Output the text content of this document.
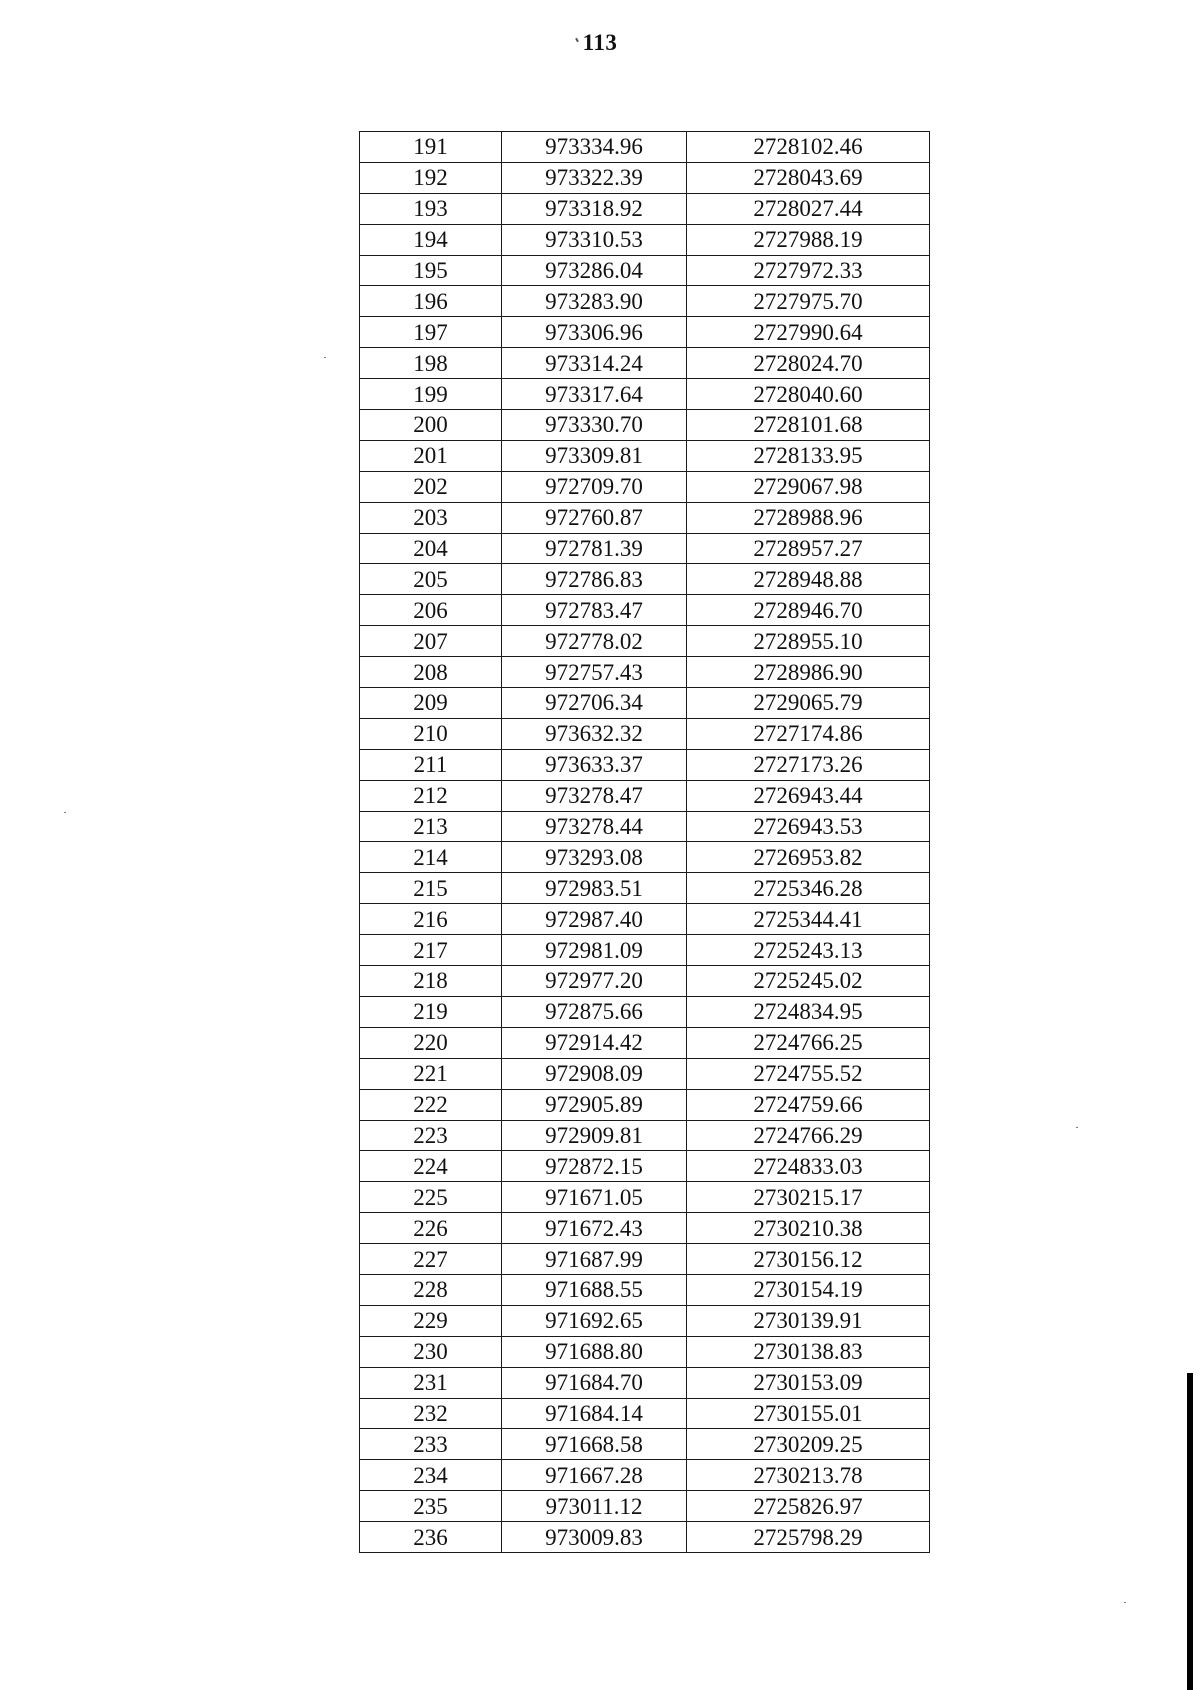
113
191	973334.96	2728102.46
192	973322.39	2728043.69
193	973318.92	2728027.44
194	973310.53	2727988.19
195	973286.04	2727972.33
196	973283.90	2727975.70
197	973306.96	2727990.64
198	973314.24	2728024.70
199	973317.64	2728040.60
200	973330.70	2728101.68
201	973309.81	2728133.95
202	972709.70	2729067.98
203	972760.87	2728988.96
204	972781.39	2728957.27
205	972786.83	2728948.88
206	972783.47	2728946.70
207	972778.02	2728955.10
208	972757.43	2728986.90
209	972706.34	2729065.79
210	973632.32	2727174.86
211	973633.37	2727173.26
212	973278.47	2726943.44
213	973278.44	2726943.53
214	973293.08	2726953.82
215	972983.51	2725346.28
216	972987.40	2725344.41
217	972981.09	2725243.13
218	972977.20	2725245.02
219	972875.66	2724834.95
220	972914.42	2724766.25
221	972908.09	2724755.52
222	972905.89	2724759.66
223	972909.81	2724766.29
224	972872.15	2724833.03
225	971671.05	2730215.17
226	971672.43	2730210.38
227	971687.99	2730156.12
228	971688.55	2730154.19
229	971692.65	2730139.91
230	971688.80	2730138.83
231	971684.70	2730153.09
232	971684.14	2730155.01
233	971668.58	2730209.25
234	971667.28	2730213.78
235	973011.12	2725826.97
236	973009.83	2725798.29
